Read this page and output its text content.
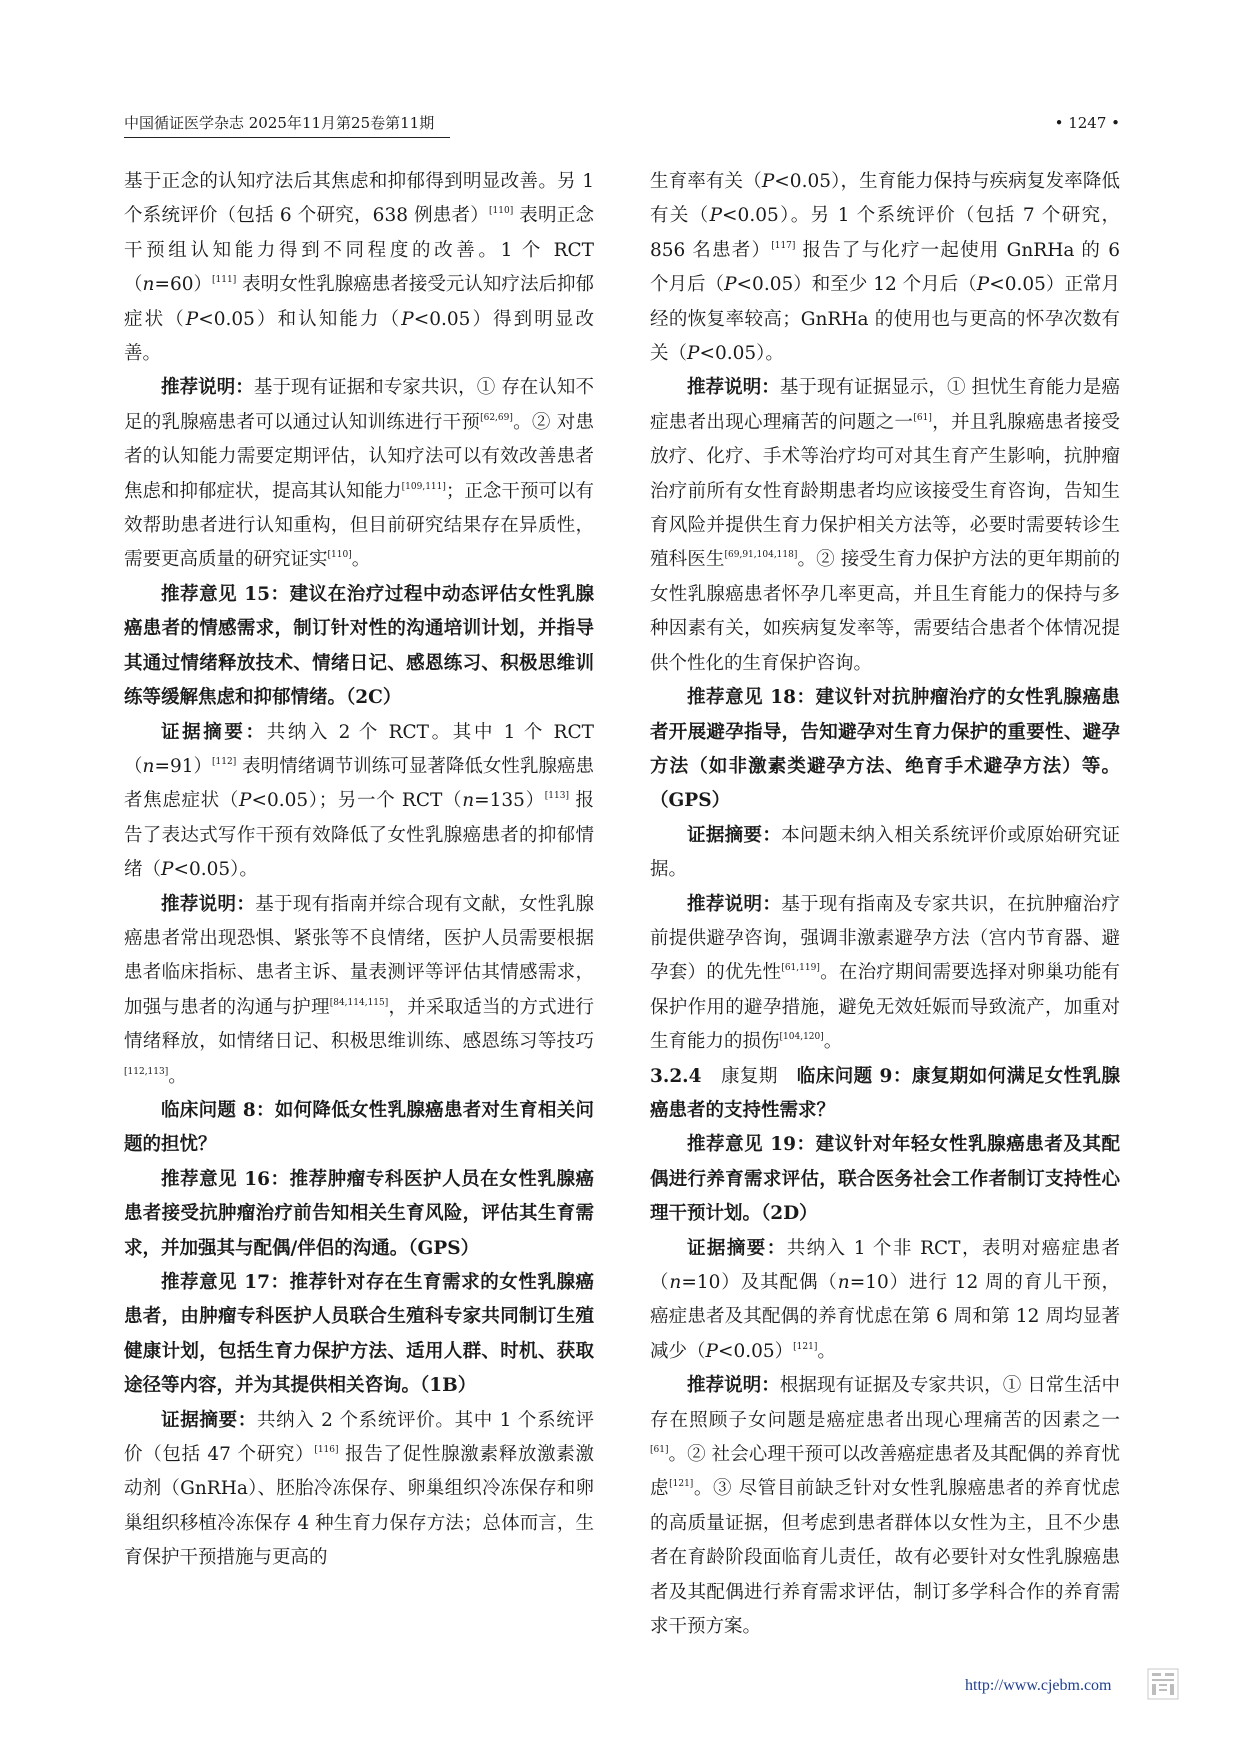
中国循证医学杂志 2025年11月第25卷第11期	• 1247 •

基于正念的认知疗法后其焦虑和抑郁得到明显改善。另 1 个系统评价（包括 6 个研究，638 例患者）[110] 表明正念干预组认知能力得到不同程度的改善。1 个 RCT（n=60）[111] 表明女性乳腺癌患者接受元认知疗法后抑郁症状（P<0.05）和认知能力（P<0.05）得到明显改善。

推荐说明：基于现有证据和专家共识，① 存在认知不足的乳腺癌患者可以通过认知训练进行干预[62,69]。② 对患者的认知能力需要定期评估，认知疗法可以有效改善患者焦虑和抑郁症状，提高其认知能力[109,111]；正念干预可以有效帮助患者进行认知重构，但目前研究结果存在异质性，需要更高质量的研究证实[110]。

推荐意见 15：建议在治疗过程中动态评估女性乳腺癌患者的情感需求，制订针对性的沟通培训计划，并指导其通过情绪释放技术、情绪日记、感恩练习、积极思维训练等缓解焦虑和抑郁情绪。（2C）

证据摘要：共纳入 2 个 RCT。其中 1 个 RCT（n=91）[112] 表明情绪调节训练可显著降低女性乳腺癌患者焦虑症状（P<0.05）；另一个 RCT（n=135）[113] 报告了表达式写作干预有效降低了女性乳腺癌患者的抑郁情绪（P<0.05）。

推荐说明：基于现有指南并综合现有文献，女性乳腺癌患者常出现恐惧、紧张等不良情绪，医护人员需要根据患者临床指标、患者主诉、量表测评等评估其情感需求，加强与患者的沟通与护理[84,114,115]，并采取适当的方式进行情绪释放，如情绪日记、积极思维训练、感恩练习等技巧[112,113]。

临床问题 8：如何降低女性乳腺癌患者对生育相关问题的担忧？

推荐意见 16：推荐肿瘤专科医护人员在女性乳腺癌患者接受抗肿瘤治疗前告知相关生育风险，评估其生育需求，并加强其与配偶/伴侣的沟通。（GPS）

推荐意见 17：推荐针对存在生育需求的女性乳腺癌患者，由肿瘤专科医护人员联合生殖科专家共同制订生殖健康计划，包括生育力保护方法、适用人群、时机、获取途径等内容，并为其提供相关咨询。（1B）

证据摘要：共纳入 2 个系统评价。其中 1 个系统评价（包括 47 个研究）[116] 报告了促性腺激素释放激素激动剂（GnRHa）、胚胎冷冻保存、卵巢组织冷冻保存和卵巢组织移植冷冻保存 4 种生育力保存方法；总体而言，生育保护干预措施与更高的

生育率有关（P<0.05），生育能力保持与疾病复发率降低有关（P<0.05）。另 1 个系统评价（包括 7 个研究，856 名患者）[117] 报告了与化疗一起使用 GnRHa 的 6 个月后（P<0.05）和至少 12 个月后（P<0.05）正常月经的恢复率较高；GnRHa 的使用也与更高的怀孕次数有关（P<0.05）。

推荐说明：基于现有证据显示，① 担忧生育能力是癌症患者出现心理痛苦的问题之一[61]，并且乳腺癌患者接受放疗、化疗、手术等治疗均可对其生育产生影响，抗肿瘤治疗前所有女性育龄期患者均应该接受生育咨询，告知生育风险并提供生育力保护相关方法等，必要时需要转诊生殖科医生[69,91,104,118]。② 接受生育力保护方法的更年期前的女性乳腺癌患者怀孕几率更高，并且生育能力的保持与多种因素有关，如疾病复发率等，需要结合患者个体情况提供个性化的生育保护咨询。

推荐意见 18：建议针对抗肿瘤治疗的女性乳腺癌患者开展避孕指导，告知避孕对生育力保护的重要性、避孕方法（如非激素类避孕方法、绝育手术避孕方法）等。（GPS）

证据摘要：本问题未纳入相关系统评价或原始研究证据。

推荐说明：基于现有指南及专家共识，在抗肿瘤治疗前提供避孕咨询，强调非激素避孕方法（宫内节育器、避孕套）的优先性[61,119]。在治疗期间需要选择对卵巢功能有保护作用的避孕措施，避免无效妊娠而导致流产，加重对生育能力的损伤[104,120]。

3.2.4　康复期　临床问题 9：康复期如何满足女性乳腺癌患者的支持性需求？

推荐意见 19：建议针对年轻女性乳腺癌患者及其配偶进行养育需求评估，联合医务社会工作者制订支持性心理干预计划。（2D）

证据摘要：共纳入 1 个非 RCT，表明对癌症患者（n=10）及其配偶（n=10）进行 12 周的育儿干预，癌症患者及其配偶的养育忧虑在第 6 周和第 12 周均显著减少（P<0.05）[121]。

推荐说明：根据现有证据及专家共识，① 日常生活中存在照顾子女问题是癌症患者出现心理痛苦的因素之一[61]。② 社会心理干预可以改善癌症患者及其配偶的养育忧虑[121]。③ 尽管目前缺乏针对女性乳腺癌患者的养育忧虑的高质量证据，但考虑到患者群体以女性为主，且不少患者在育龄阶段面临育儿责任，故有必要针对女性乳腺癌患者及其配偶进行养育需求评估，制订多学科合作的养育需求干预方案。

http://www.cjebm.com
